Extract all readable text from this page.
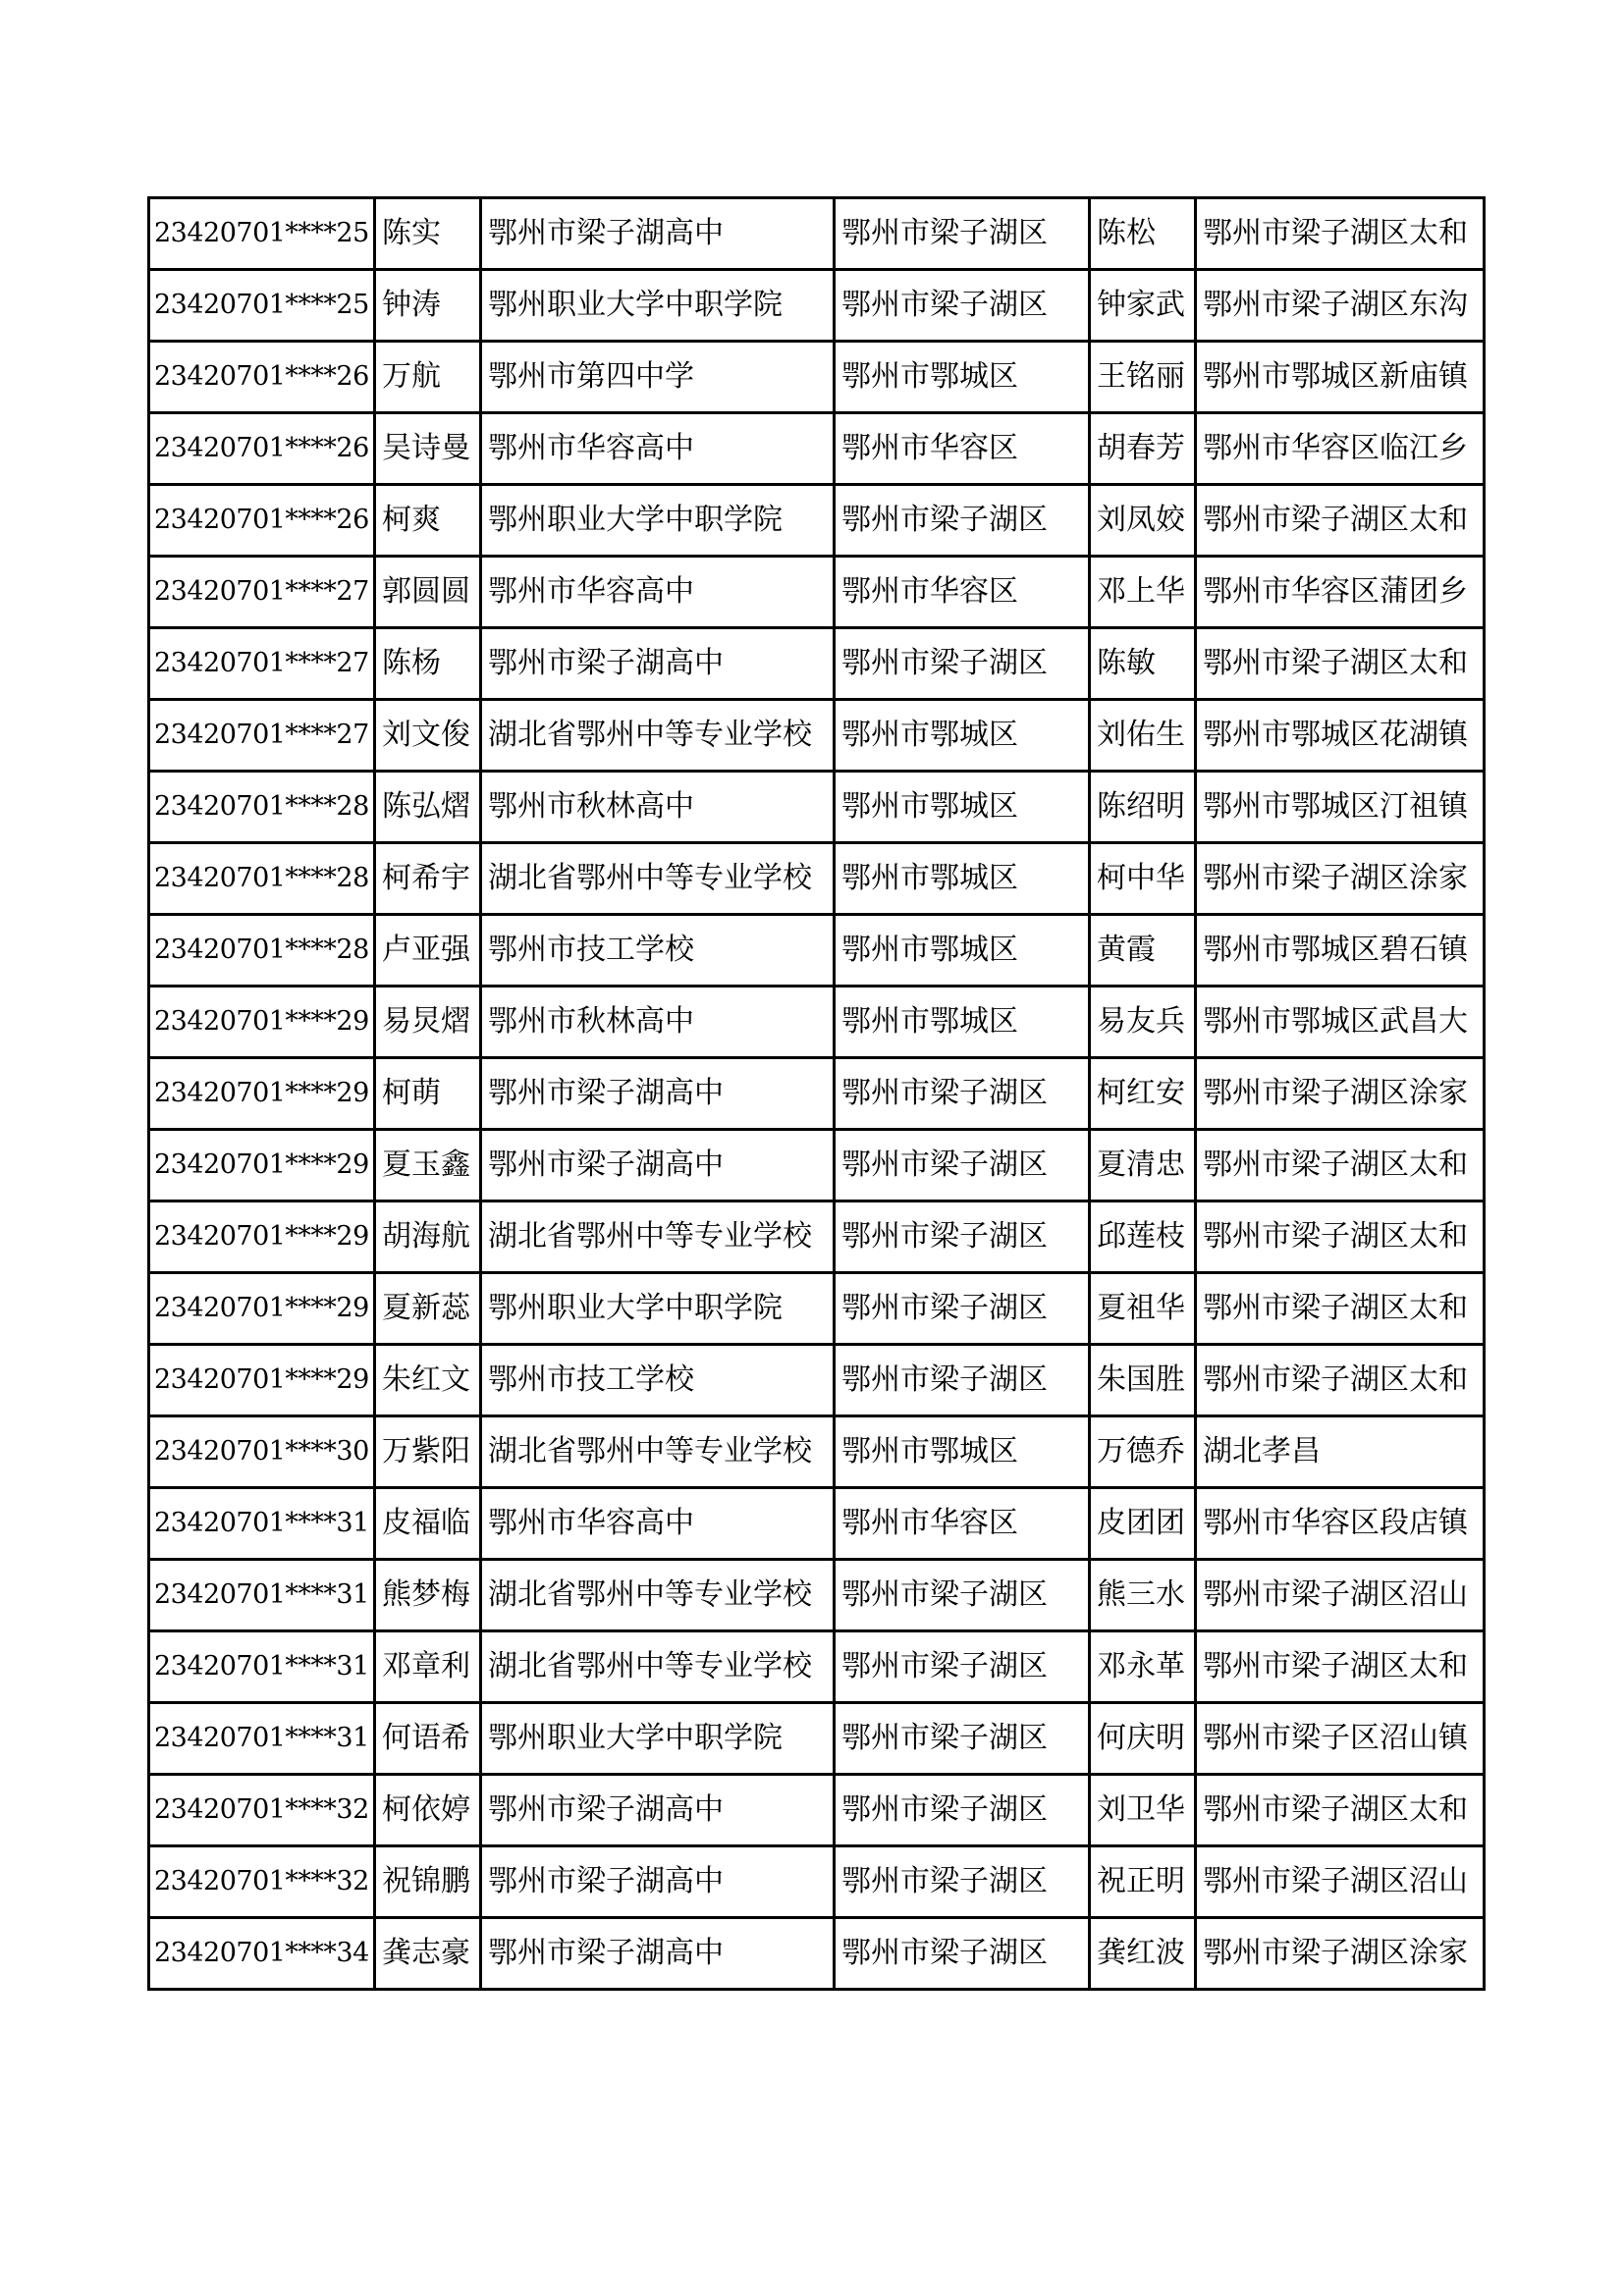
23420701****25	陈实	鄂州市梁子湖高中	鄂州市梁子湖区	陈松	鄂州市梁子湖区太和
23420701****25	钟涛	鄂州职业大学中职学院	鄂州市梁子湖区	钟家武	鄂州市梁子湖区东沟
23420701****26	万航	鄂州市第四中学	鄂州市鄂城区	王铭丽	鄂州市鄂城区新庙镇
23420701****26	吴诗曼	鄂州市华容高中	鄂州市华容区	胡春芳	鄂州市华容区临江乡
23420701****26	柯爽	鄂州职业大学中职学院	鄂州市梁子湖区	刘凤姣	鄂州市梁子湖区太和
23420701****27	郭圆圆	鄂州市华容高中	鄂州市华容区	邓上华	鄂州市华容区蒲团乡
23420701****27	陈杨	鄂州市梁子湖高中	鄂州市梁子湖区	陈敏	鄂州市梁子湖区太和
23420701****27	刘文俊	湖北省鄂州中等专业学校	鄂州市鄂城区	刘佑生	鄂州市鄂城区花湖镇
23420701****28	陈弘熠	鄂州市秋林高中	鄂州市鄂城区	陈绍明	鄂州市鄂城区汀祖镇
23420701****28	柯希宇	湖北省鄂州中等专业学校	鄂州市鄂城区	柯中华	鄂州市梁子湖区涂家
23420701****28	卢亚强	鄂州市技工学校	鄂州市鄂城区	黄霞	鄂州市鄂城区碧石镇
23420701****29	易炅熠	鄂州市秋林高中	鄂州市鄂城区	易友兵	鄂州市鄂城区武昌大
23420701****29	柯萌	鄂州市梁子湖高中	鄂州市梁子湖区	柯红安	鄂州市梁子湖区涂家
23420701****29	夏玉鑫	鄂州市梁子湖高中	鄂州市梁子湖区	夏清忠	鄂州市梁子湖区太和
23420701****29	胡海航	湖北省鄂州中等专业学校	鄂州市梁子湖区	邱莲枝	鄂州市梁子湖区太和
23420701****29	夏新蕊	鄂州职业大学中职学院	鄂州市梁子湖区	夏祖华	鄂州市梁子湖区太和
23420701****29	朱红文	鄂州市技工学校	鄂州市梁子湖区	朱国胜	鄂州市梁子湖区太和
23420701****30	万紫阳	湖北省鄂州中等专业学校	鄂州市鄂城区	万德乔	湖北孝昌
23420701****31	皮福临	鄂州市华容高中	鄂州市华容区	皮团团	鄂州市华容区段店镇
23420701****31	熊梦梅	湖北省鄂州中等专业学校	鄂州市梁子湖区	熊三水	鄂州市梁子湖区沼山
23420701****31	邓章利	湖北省鄂州中等专业学校	鄂州市梁子湖区	邓永革	鄂州市梁子湖区太和
23420701****31	何语希	鄂州职业大学中职学院	鄂州市梁子湖区	何庆明	鄂州市梁子区沼山镇
23420701****32	柯依婷	鄂州市梁子湖高中	鄂州市梁子湖区	刘卫华	鄂州市梁子湖区太和
23420701****32	祝锦鹏	鄂州市梁子湖高中	鄂州市梁子湖区	祝正明	鄂州市梁子湖区沼山
23420701****34	龚志豪	鄂州市梁子湖高中	鄂州市梁子湖区	龚红波	鄂州市梁子湖区涂家
